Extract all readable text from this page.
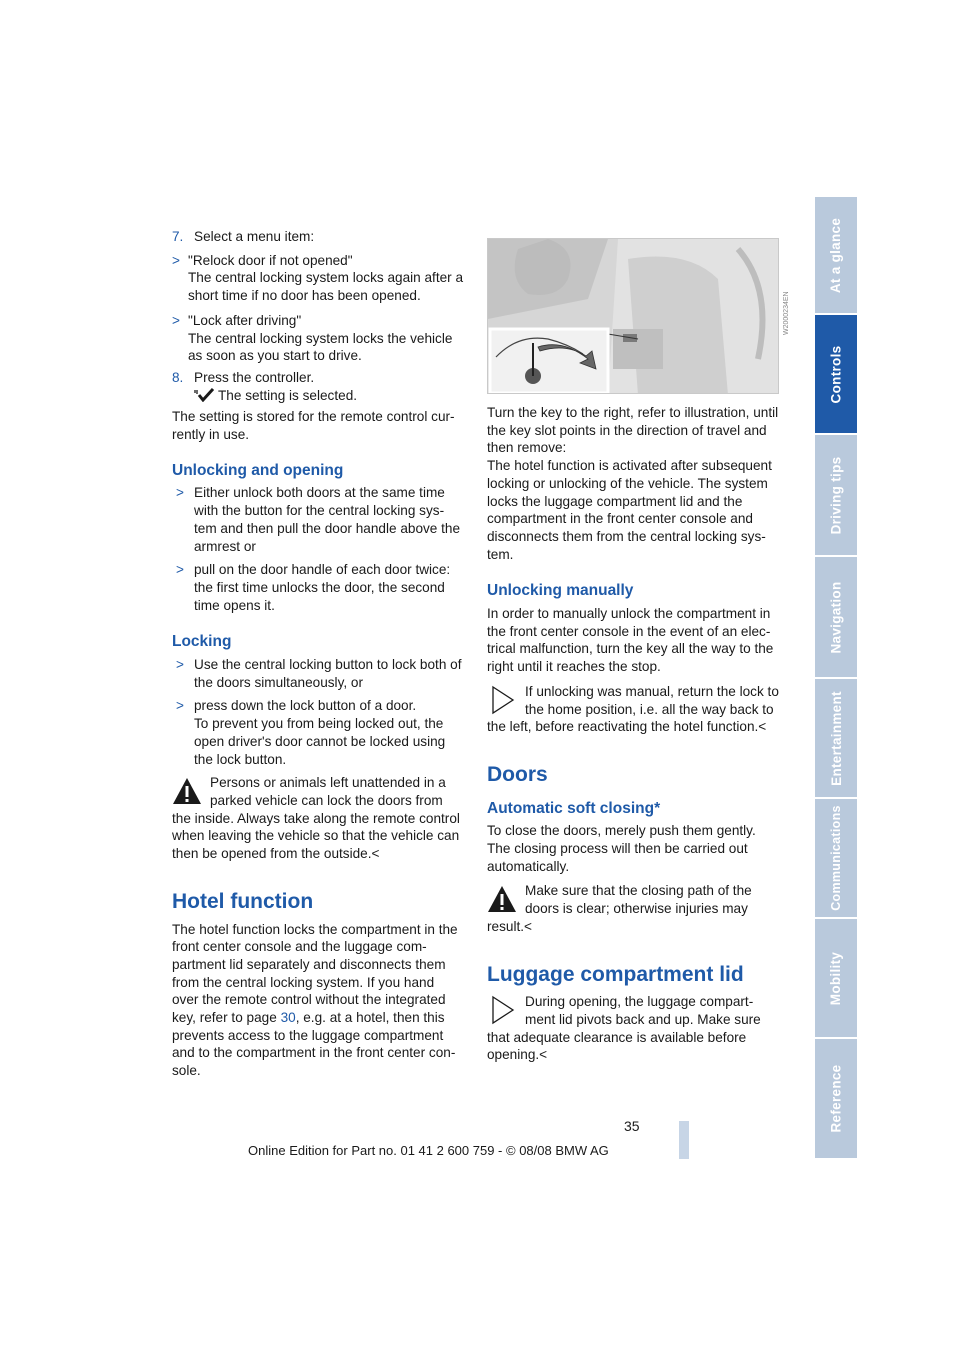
At a glance
Controls
Driving tips
Navigation
Entertainment
Communications
Mobility
Reference

7. Select a menu item:

> "Relock door if not opened"
The central locking system locks again after a short time if no door has been opened.

> "Lock after driving"
The central locking system locks the vehicle as soon as you start to drive.

8. Press the controller.
The setting is selected.

The setting is stored for the remote control cur-rently in use.

Unlocking and opening

> Either unlock both doors at the same time with the button for the central locking sys-tem and then pull the door handle above the armrest or

> pull on the door handle of each door twice: the first time unlocks the door, the second time opens it.

Locking

> Use the central locking button to lock both of the doors simultaneously, or

> press down the lock button of a door.
To prevent you from being locked out, the open driver's door cannot be locked using the lock button.

Persons or animals left unattended in a parked vehicle can lock the doors from the inside. Always take along the remote control when leaving the vehicle so that the vehicle can then be opened from the outside.<

Hotel function

The hotel function locks the compartment in the front center console and the luggage com-partment lid separately and disconnects them from the central locking system. If you hand over the remote control without the integrated key, refer to page 30, e.g. at a hotel, then this prevents access to the luggage compartment and to the compartment in the front center con-sole.

Turn the key to the right, refer to illustration, until the key slot points in the direction of travel and then remove:

The hotel function is activated after subsequent locking or unlocking of the vehicle. The system locks the luggage compartment lid and the compartment in the front center console and disconnects them from the central locking sys-tem.

Unlocking manually

In order to manually unlock the compartment in the front center console in the event of an elec-trical malfunction, turn the key all the way to the right until it reaches the stop.

If unlocking was manual, return the lock to the home position, i.e. all the way back to the left, before reactivating the hotel function.<

Doors

Automatic soft closing*

To close the doors, merely push them gently. The closing process will then be carried out automatically.

Make sure that the closing path of the doors is clear; otherwise injuries may result.<

Luggage compartment lid

During opening, the luggage compart-ment lid pivots back and up. Make sure that adequate clearance is available before opening.<

W2000234EN
35
Online Edition for Part no. 01 41 2 600 759 - © 08/08 BMW AG
